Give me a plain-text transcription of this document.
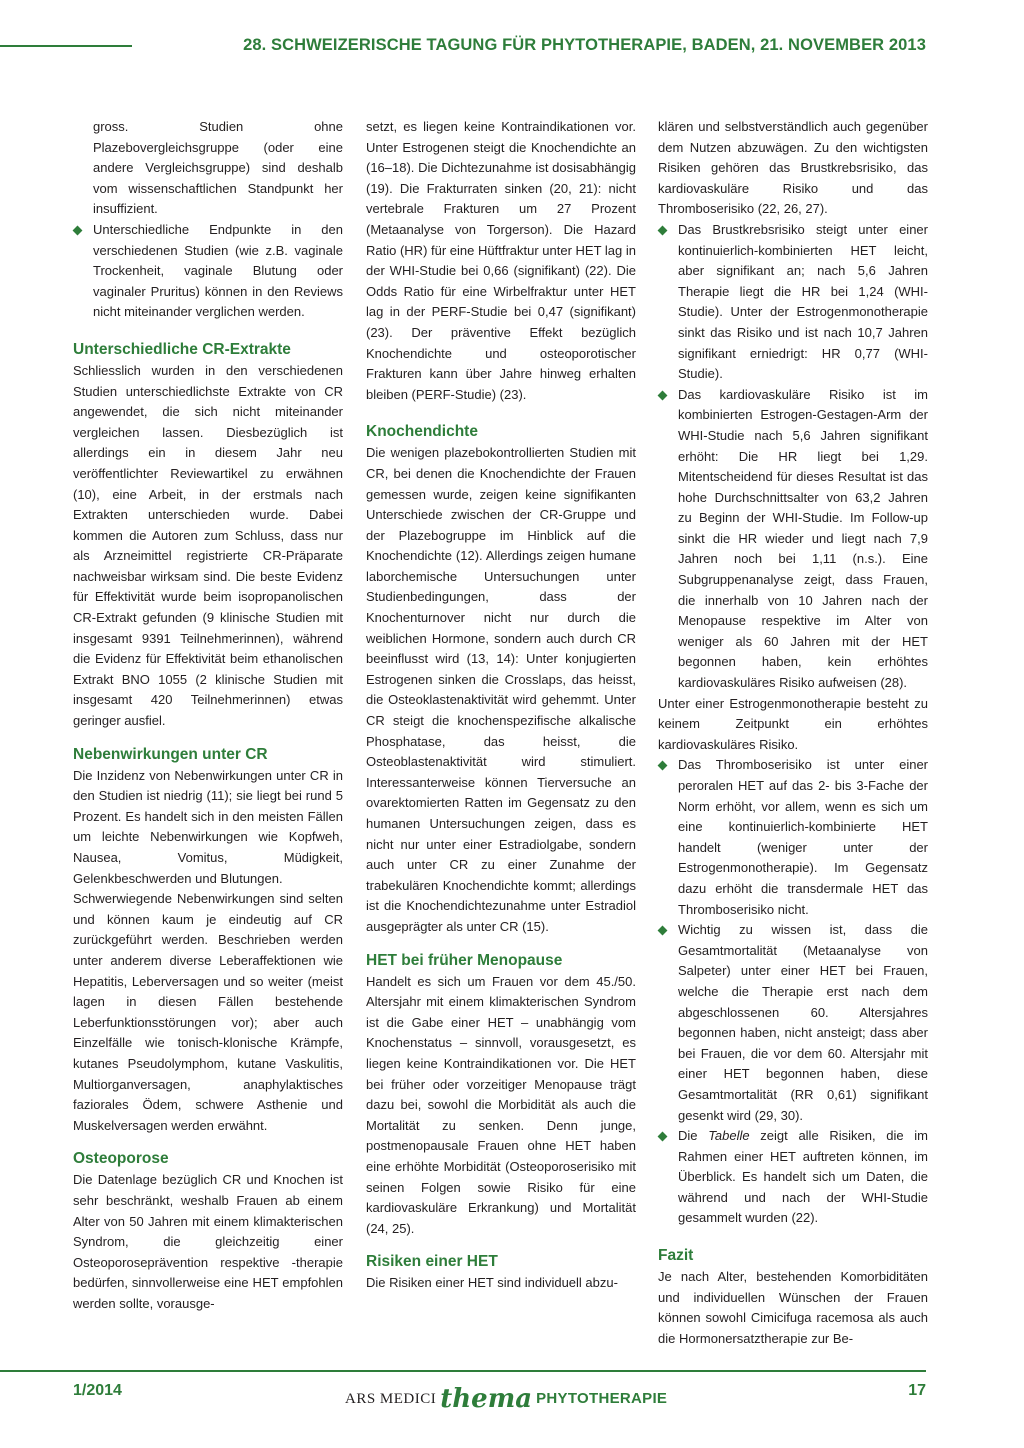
28. SCHWEIZERISCHE TAGUNG FÜR PHYTOTHERAPIE, BADEN, 21. NOVEMBER 2013

gross. Studien ohne Plazebovergleichsgruppe (oder eine andere Vergleichsgruppe) sind deshalb vom wissenschaftlichen Standpunkt her insuffizient.

Unterschiedliche Endpunkte in den verschiedenen Studien (wie z.B. vaginale Trockenheit, vaginale Blutung oder vaginaler Pruritus) können in den Reviews nicht miteinander verglichen werden.
Unterschiedliche CR-Extrakte

Schliesslich wurden in den verschiedenen Studien unterschiedlichste Extrakte von CR angewendet, die sich nicht miteinander vergleichen lassen. Diesbezüglich ist allerdings ein in diesem Jahr neu veröffentlichter Reviewartikel zu erwähnen (10), eine Arbeit, in der erstmals nach Extrakten unterschieden wurde. Dabei kommen die Autoren zum Schluss, dass nur als Arzneimittel registrierte CR-Präparate nachweisbar wirksam sind. Die beste Evidenz für Effektivität wurde beim isopropanolischen CR-Extrakt gefunden (9 klinische Studien mit insgesamt 9391 Teilnehmerinnen), während die Evidenz für Effektivität beim ethanolischen Extrakt BNO 1055 (2 klinische Studien mit insgesamt 420 Teilnehmerinnen) etwas geringer ausfiel.

Nebenwirkungen unter CR

Die Inzidenz von Nebenwirkungen unter CR in den Studien ist niedrig (11); sie liegt bei rund 5 Prozent. Es handelt sich in den meisten Fällen um leichte Nebenwirkungen wie Kopfweh, Nausea, Vomitus, Müdigkeit, Gelenkbeschwerden und Blutungen.

Schwerwiegende Nebenwirkungen sind selten und können kaum je eindeutig auf CR zurückgeführt werden. Beschrieben werden unter anderem diverse Leberaffektionen wie Hepatitis, Leberversagen und so weiter (meist lagen in diesen Fällen bestehende Leberfunktionsstörungen vor); aber auch Einzelfälle wie tonisch-klonische Krämpfe, kutanes Pseudolymphom, kutane Vaskulitis, Multiorganversagen, anaphylaktisches faziorales Ödem, schwere Asthenie und Muskelversagen werden erwähnt.

Osteoporose

Die Datenlage bezüglich CR und Knochen ist sehr beschränkt, weshalb Frauen ab einem Alter von 50 Jahren mit einem klimakterischen Syndrom, die gleichzeitig einer Osteoporoseprävention respektive -therapie bedürfen, sinnvollerweise eine HET empfohlen werden sollte, vorausge-

setzt, es liegen keine Kontraindikationen vor. Unter Estrogenen steigt die Knochendichte an (16–18). Die Dichtezunahme ist dosisabhängig (19). Die Frakturraten sinken (20, 21): nicht vertebrale Frakturen um 27 Prozent (Metaanalyse von Torgerson). Die Hazard Ratio (HR) für eine Hüftfraktur unter HET lag in der WHI-Studie bei 0,66 (signifikant) (22). Die Odds Ratio für eine Wirbelfraktur unter HET lag in der PERF-Studie bei 0,47 (signifikant) (23). Der präventive Effekt bezüglich Knochendichte und osteoporotischer Frakturen kann über Jahre hinweg erhalten bleiben (PERF-Studie) (23).

Knochendichte

Die wenigen plazebokontrollierten Studien mit CR, bei denen die Knochendichte der Frauen gemessen wurde, zeigen keine signifikanten Unterschiede zwischen der CR-Gruppe und der Plazebogruppe im Hinblick auf die Knochendichte (12). Allerdings zeigen humane laborchemische Untersuchungen unter Studienbedingungen, dass der Knochenturnover nicht nur durch die weiblichen Hormone, sondern auch durch CR beeinflusst wird (13, 14): Unter konjugierten Estrogenen sinken die Crosslaps, das heisst, die Osteoklastenaktivität wird gehemmt. Unter CR steigt die knochenspezifische alkalische Phosphatase, das heisst, die Osteoblastenaktivität wird stimuliert. Interessanterweise können Tierversuche an ovarektomierten Ratten im Gegensatz zu den humanen Untersuchungen zeigen, dass es nicht nur unter einer Estradiolgabe, sondern auch unter CR zu einer Zunahme der trabekulären Knochendichte kommt; allerdings ist die Knochendichtezunahme unter Estradiol ausgeprägter als unter CR (15).

HET bei früher Menopause

Handelt es sich um Frauen vor dem 45./50. Altersjahr mit einem klimakterischen Syndrom ist die Gabe einer HET – unabhängig vom Knochenstatus – sinnvoll, vorausgesetzt, es liegen keine Kontraindikationen vor. Die HET bei früher oder vorzeitiger Menopause trägt dazu bei, sowohl die Morbidität als auch die Mortalität zu senken. Denn junge, postmenopausale Frauen ohne HET haben eine erhöhte Morbidität (Osteoporoserisiko mit seinen Folgen sowie Risiko für eine kardiovaskuläre Erkrankung) und Mortalität (24, 25).

Risiken einer HET

Die Risiken einer HET sind individuell abzu-

klären und selbstverständlich auch gegenüber dem Nutzen abzuwägen. Zu den wichtigsten Risiken gehören das Brustkrebsrisiko, das kardiovaskuläre Risiko und das Thromboserisiko (22, 26, 27).

Das Brustkrebsrisiko steigt unter einer kontinuierlich-kombinierten HET leicht, aber signifikant an; nach 5,6 Jahren Therapie liegt die HR bei 1,24 (WHI-Studie). Unter der Estrogenmonotherapie sinkt das Risiko und ist nach 10,7 Jahren signifikant erniedrigt: HR 0,77 (WHI-Studie).
Das kardiovaskuläre Risiko ist im kombinierten Estrogen-Gestagen-Arm der WHI-Studie nach 5,6 Jahren signifikant erhöht: Die HR liegt bei 1,29. Mitentscheidend für dieses Resultat ist das hohe Durchschnittsalter von 63,2 Jahren zu Beginn der WHI-Studie. Im Follow-up sinkt die HR wieder und liegt nach 7,9 Jahren noch bei 1,11 (n.s.). Eine Subgruppenanalyse zeigt, dass Frauen, die innerhalb von 10 Jahren nach der Menopause respektive im Alter von weniger als 60 Jahren mit der HET begonnen haben, kein erhöhtes kardiovaskuläres Risiko aufweisen (28).

Unter einer Estrogenmonotherapie besteht zu keinem Zeitpunkt ein erhöhtes kardiovaskuläres Risiko.

Das Thromboserisiko ist unter einer peroralen HET auf das 2- bis 3-Fache der Norm erhöht, vor allem, wenn es sich um eine kontinuierlich-kombinierte HET handelt (weniger unter der Estrogenmonotherapie). Im Gegensatz dazu erhöht die transdermale HET das Thromboserisiko nicht.
Wichtig zu wissen ist, dass die Gesamtmortalität (Metaanalyse von Salpeter) unter einer HET bei Frauen, welche die Therapie erst nach dem abgeschlossenen 60. Altersjahres begonnen haben, nicht ansteigt; dass aber bei Frauen, die vor dem 60. Altersjahr mit einer HET begonnen haben, diese Gesamtmortalität (RR 0,61) signifikant gesenkt wird (29, 30).
Die Tabelle zeigt alle Risiken, die im Rahmen einer HET auftreten können, im Überblick. Es handelt sich um Daten, die während und nach der WHI-Studie gesammelt wurden (22).
Fazit

Je nach Alter, bestehenden Komorbiditäten und individuellen Wünschen der Frauen können sowohl Cimicifuga racemosa als auch die Hormonersatztherapie zur Be-

1/2014	ARS MEDICI thema PHYTOTHERAPIE	17
